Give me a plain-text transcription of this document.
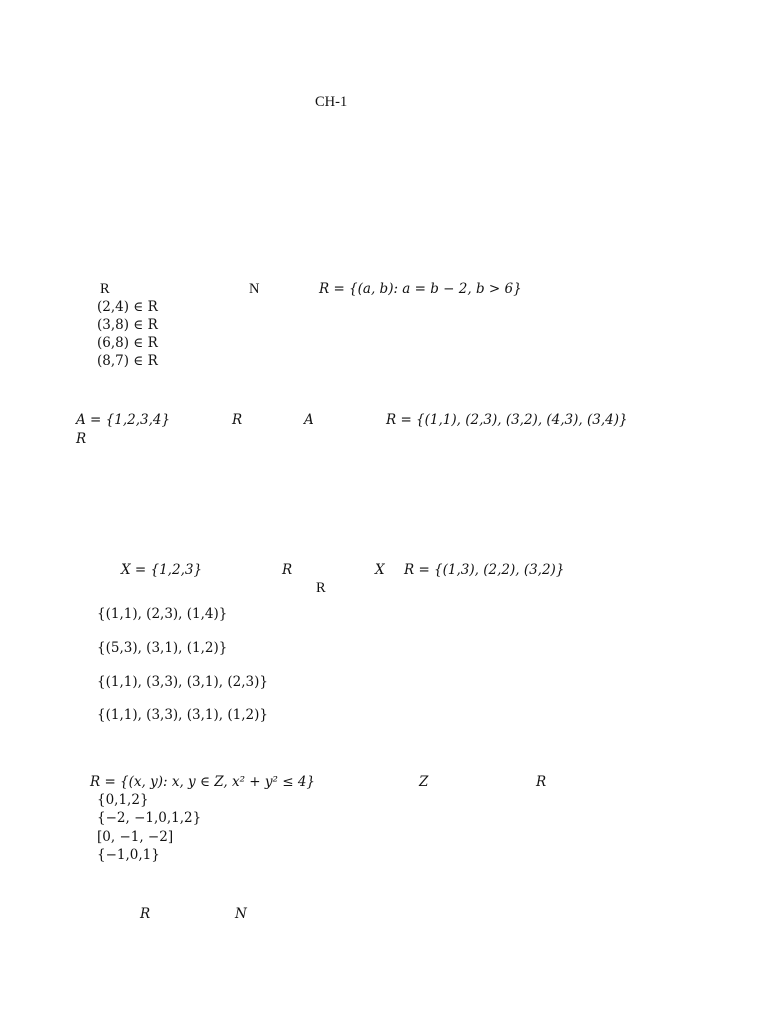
CH-1
R	N	R = {(a, b): a = b − 2, b > 6}
(2,4) ∈ R
(3,8) ∈ R
(6,8) ∈ R
(8,7) ∈ R
A = {1,2,3,4}	R	A	R = {(1,1), (2,3), (3,2), (4,3), (3,4)}
R
X = {1,2,3}	R	X R = {(1,3), (2,2), (3,2)}
R
{(1,1), (2,3), (1,4)}
{(5,3), (3,1), (1,2)}
{(1,1), (3,3), (3,1), (2,3)}
{(1,1), (3,3), (3,1), (1,2)}
R = {(x, y): x, y ∈ Z, x² + y² ≤ 4}	Z	R
{0,1,2}
{−2, −1,0,1,2}
[0, −1, −2]
{−1,0,1}
R	N
